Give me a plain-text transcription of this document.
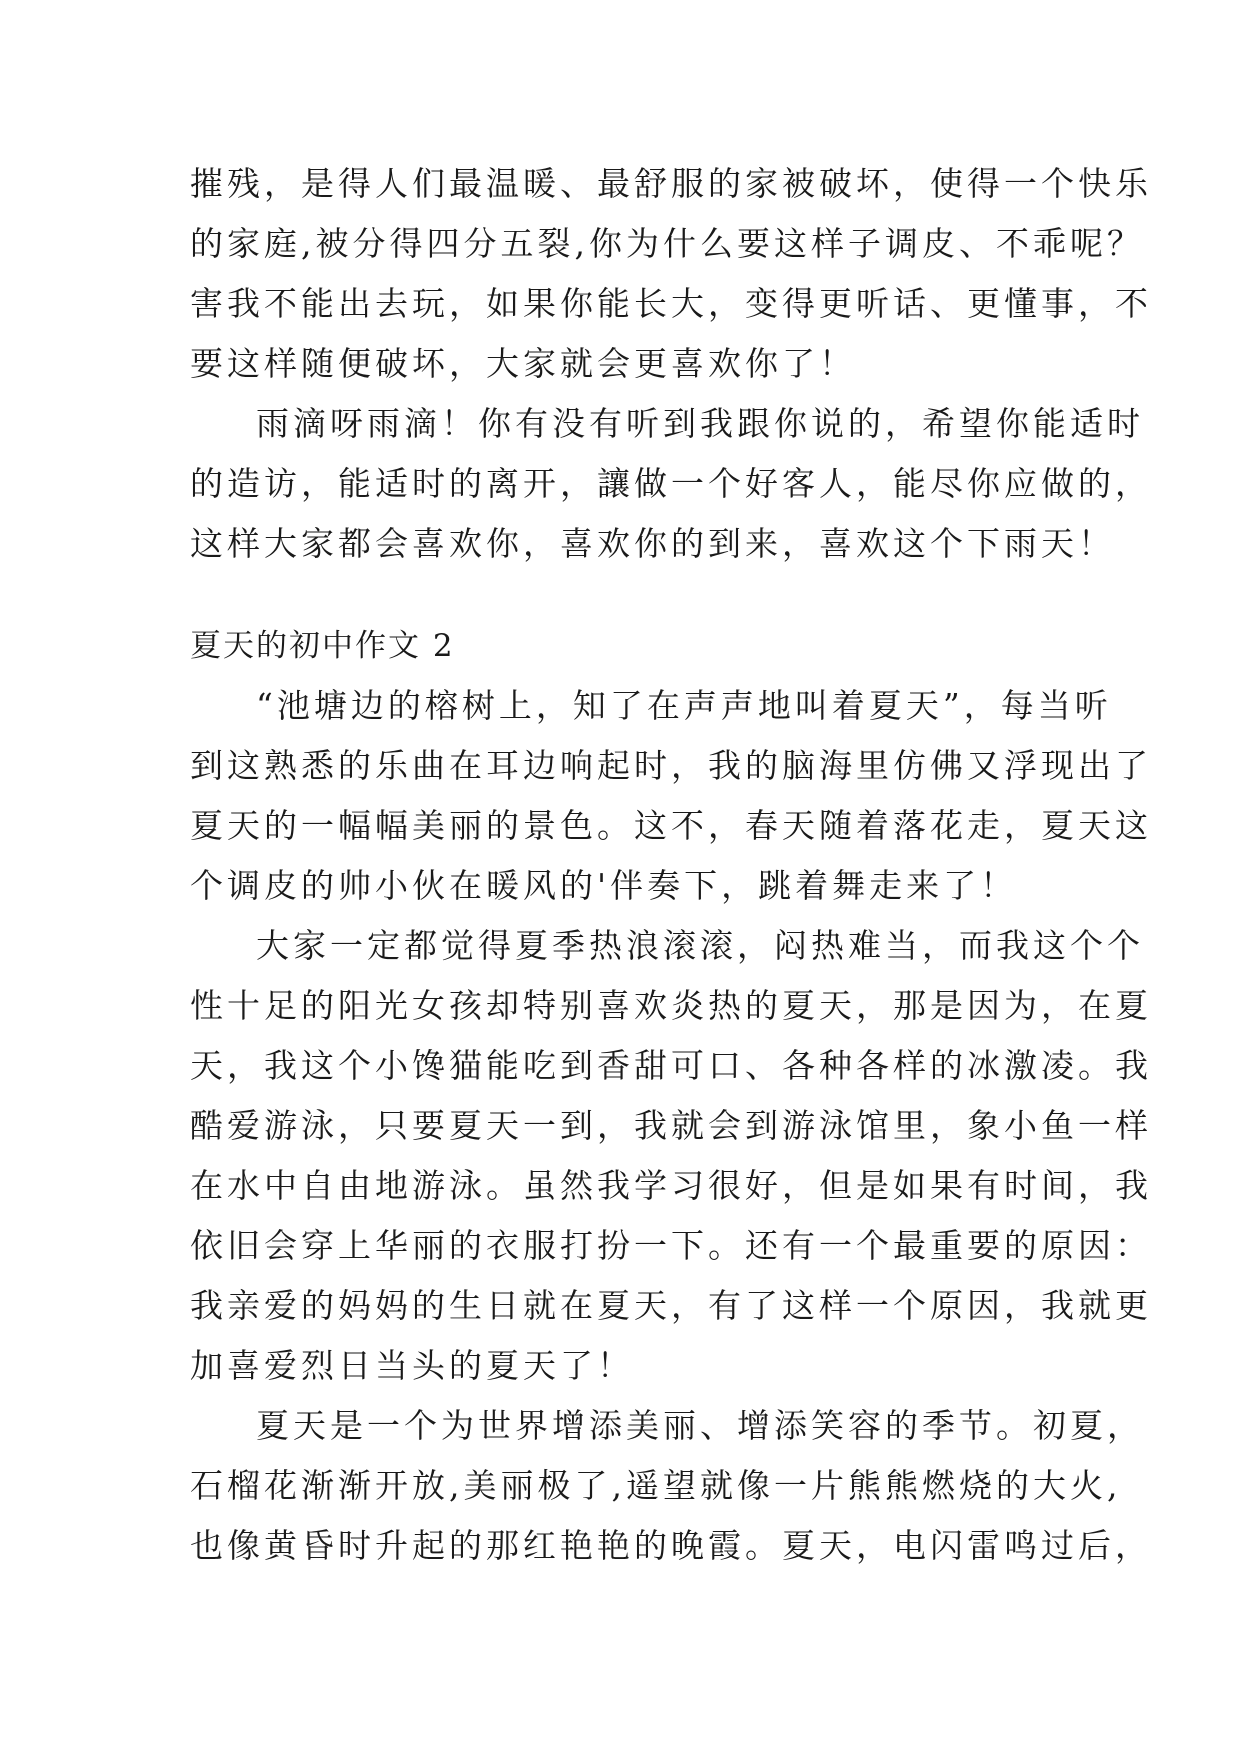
摧残，是得人们最温暖、最舒服的家被破坏，使得一个快乐
的家庭,被分得四分五裂,你为什么要这样子调皮、不乖呢？
害我不能出去玩，如果你能长大，变得更听话、更懂事，不
要这样随便破坏，大家就会更喜欢你了！
雨滴呀雨滴！你有没有听到我跟你说的，希望你能适时
的造访，能适时的离开，讓做一个好客人，能尽你应做的，
这样大家都会喜欢你，喜欢你的到来，喜欢这个下雨天！
夏天的初中作文 2
“池塘边的榕树上，知了在声声地叫着夏天”，每当听
到这熟悉的乐曲在耳边响起时，我的脑海里仿佛又浮现出了
夏天的一幅幅美丽的景色。这不，春天随着落花走，夏天这
个调皮的帅小伙在暖风的'伴奏下，跳着舞走来了！
大家一定都觉得夏季热浪滚滚，闷热难当，而我这个个
性十足的阳光女孩却特别喜欢炎热的夏天，那是因为，在夏
天，我这个小馋猫能吃到香甜可口、各种各样的冰激凌。我
酷爱游泳，只要夏天一到，我就会到游泳馆里，象小鱼一样
在水中自由地游泳。虽然我学习很好，但是如果有时间，我
依旧会穿上华丽的衣服打扮一下。还有一个最重要的原因：
我亲爱的妈妈的生日就在夏天，有了这样一个原因，我就更
加喜爱烈日当头的夏天了！
夏天是一个为世界增添美丽、增添笑容的季节。初夏，
石榴花渐渐开放,美丽极了,遥望就像一片熊熊燃烧的大火,
也像黄昏时升起的那红艳艳的晚霞。夏天，电闪雷鸣过后，
